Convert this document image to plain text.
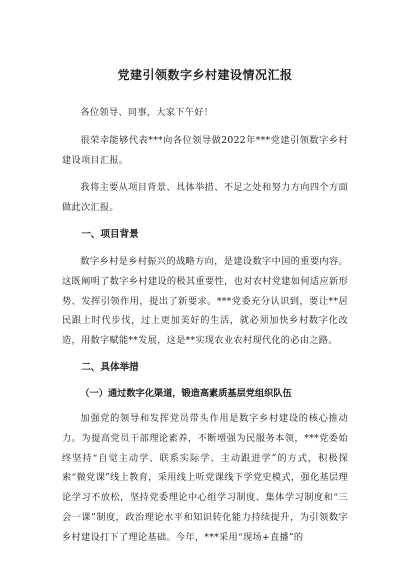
党建引领数字乡村建设情况汇报

各位领导、同事，大家下午好！

很荣幸能够代表***向各位领导做2022年***党建引领数字乡村建设项目汇报。

我将主要从项目背景、具体举措、不足之处和努力方向四个方面做此次汇报。

一、项目背景

数字乡村是乡村振兴的战略方向，是建设数字中国的重要内容。这既阐明了数字乡村建设的极其重要性，也对农村党建如何适应新形势、发挥引领作用，提出了新要求。***党委充分认识到，要让**居民跟上时代步伐，过上更加美好的生活，就必须加快乡村数字化改造，用数字赋能**发展，这是**实现农业农村现代化的必由之路。

二、具体举措
（一）通过数字化渠道，锻造高素质基层党组织队伍

加强党的领导和发挥党员带头作用是数字乡村建设的核心推动力。为提高党员干部理论素养，不断增强为民服务本领，***党委始终坚持“自觉主动学、联系实际学、主动跟进学”的方式，积极探索“微党课”线上教育，采用线上听党课线下学党史模式，强化基层理论学习不放松，坚持党委理论中心组学习制度、集体学习制度和“三会一课”制度，政治理论水平和知识转化能力持续提升，为引领数字乡村建设打下了理论基础。今年，***采用“现场+直播”的
